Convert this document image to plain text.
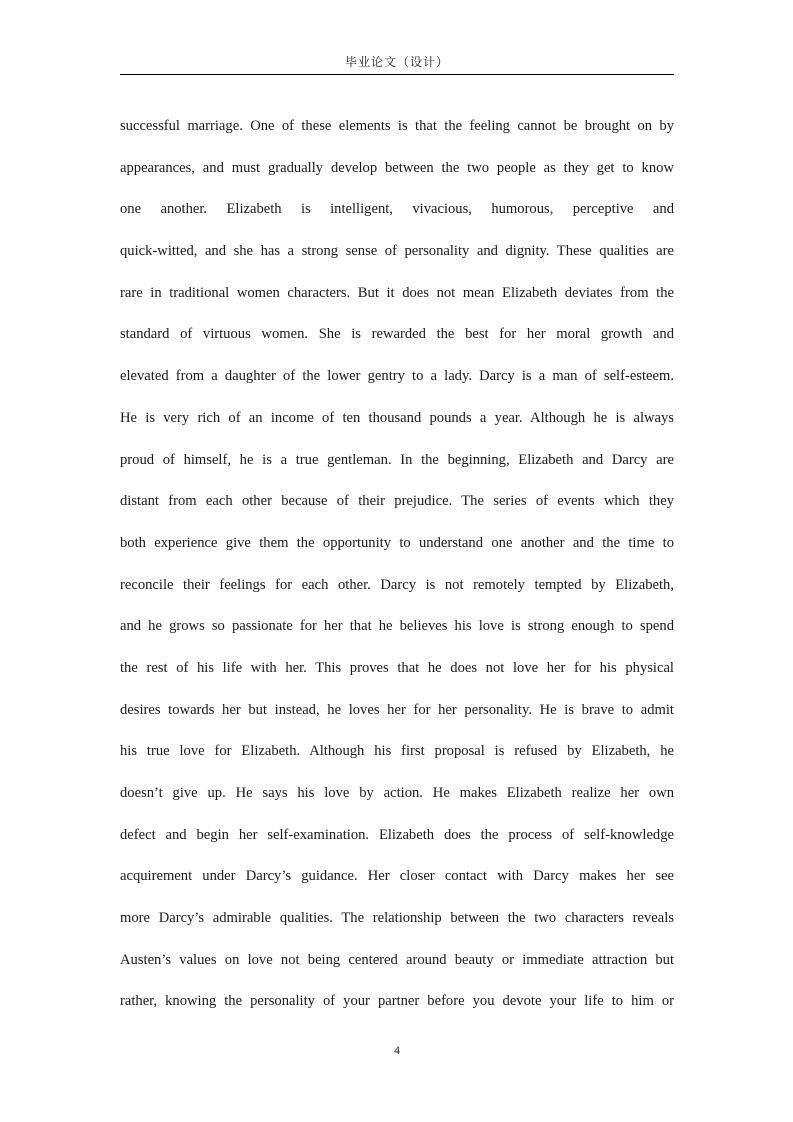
毕业论文（设计）
successful marriage. One of these elements is that the feeling cannot be brought on by
appearances, and must gradually develop between the two people as they get to know
one another. Elizabeth is intelligent, vivacious, humorous, perceptive and
quick-witted, and she has a strong sense of personality and dignity. These qualities are
rare in traditional women characters. But it does not mean Elizabeth deviates from the
standard of virtuous women. She is rewarded the best for her moral growth and
elevated from a daughter of the lower gentry to a lady. Darcy is a man of self-esteem.
He is very rich of an income of ten thousand pounds a year. Although he is always
proud of himself, he is a true gentleman. In the beginning, Elizabeth and Darcy are
distant from each other because of their prejudice. The series of events which they
both experience give them the opportunity to understand one another and the time to
reconcile their feelings for each other. Darcy is not remotely tempted by Elizabeth,
and he grows so passionate for her that he believes his love is strong enough to spend
the rest of his life with her. This proves that he does not love her for his physical
desires towards her but instead, he loves her for her personality. He is brave to admit
his true love for Elizabeth. Although his first proposal is refused by Elizabeth, he
doesn’t give up. He says his love by action. He makes Elizabeth realize her own
defect and begin her self-examination. Elizabeth does the process of self-knowledge
acquirement under Darcy’s guidance. Her closer contact with Darcy makes her see
more Darcy’s admirable qualities. The relationship between the two characters reveals
Austen’s values on love not being centered around beauty or immediate attraction but
rather, knowing the personality of your partner before you devote your life to him or
4
